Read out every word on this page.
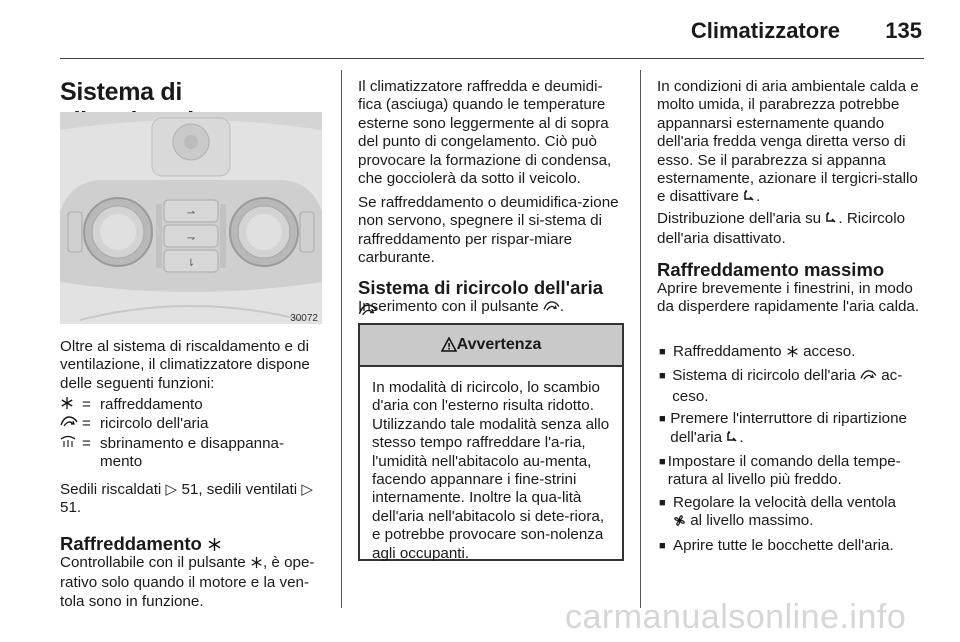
Climatizzatore	135
Sistema di
⇀
⇁
⇂
30072
Oltre al sistema di riscaldamento e di ventilazione, il climatizzatore dispone delle seguenti funzioni:
= raffreddamento
= ricircolo dell'aria
= sbrinamento e disappanna-mento
Sedili riscaldati ▷ 51, sedili ventilati ▷ 51.
Raffreddamento
Controllabile con il pulsante , è ope-rativo solo quando il motore e la ven-tola sono in funzione.
Il climatizzatore raffredda e deumidi-fica (asciuga) quando le temperature esterne sono leggermente al di sopra del punto di congelamento. Ciò può provocare la formazione di condensa, che gocciolerà da sotto il veicolo.
Se raffreddamento o deumidifica-zione non servono, spegnere il si-stema di raffreddamento per rispar-miare carburante.
Sistema di ricircolo dell'aria
Inserimento con il pulsante .
! Avvertenza
In modalità di ricircolo, lo scambio d'aria con l'esterno risulta ridotto. Utilizzando tale modalità senza allo stesso tempo raffreddare l'a-ria, l'umidità nell'abitacolo au-menta, facendo appannare i fine-strini internamente. Inoltre la qua-lità dell'aria nell'abitacolo si dete-riora, e potrebbe provocare son-nolenza agli occupanti.
In condizioni di aria ambientale calda e molto umida, il parabrezza potrebbe appannarsi esternamente quando dell'aria fredda venga diretta verso di esso. Se il parabrezza si appanna esternamente, azionare il tergicri-stallo e disattivare .
Distribuzione dell'aria su . Ricircolo dell'aria disattivato.
Raffreddamento massimo
Aprire brevemente i finestrini, in modo da disperdere rapidamente l'aria calda.
■ Raffreddamento acceso.
■ Sistema di ricircolo dell'aria ac-ceso.
■ Premere l'interruttore di ripartizione dell'aria .
■ Impostare il comando della tempe-ratura al livello più freddo.
■ Regolare la velocità della ventola
al livello massimo.
■ Aprire tutte le bocchette dell'aria.
carmanualsonline.info
